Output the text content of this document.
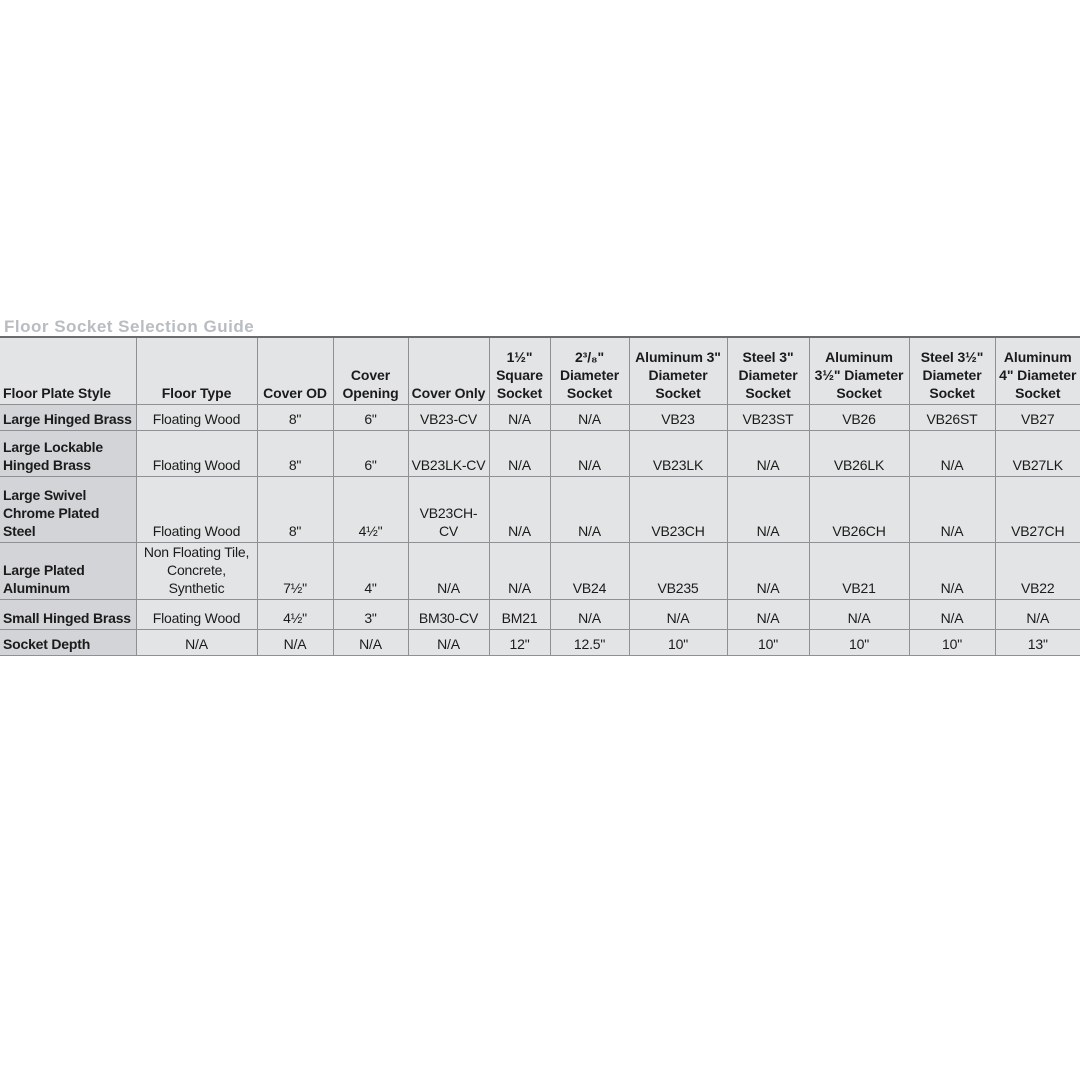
Floor Socket Selection Guide
Floor Plate Style	Floor Type	Cover OD	Cover Opening	Cover Only	1½" Square Socket	2³/₈" Diameter Socket	Aluminum 3" Diameter Socket	Steel 3" Diameter Socket	Aluminum 3½" Diameter Socket	Steel 3½" Diameter Socket	Aluminum 4" Diameter Socket
Large Hinged Brass	Floating Wood	8"	6"	VB23-CV	N/A	N/A	VB23	VB23ST	VB26	VB26ST	VB27
Large Lockable Hinged Brass	Floating Wood	8"	6"	VB23LK-CV	N/A	N/A	VB23LK	N/A	VB26LK	N/A	VB27LK
Large Swivel Chrome Plated Steel	Floating Wood	8"	4½"	VB23CH-CV	N/A	N/A	VB23CH	N/A	VB26CH	N/A	VB27CH
Large Plated Aluminum	Non Floating Tile, Concrete, Synthetic	7½"	4"	N/A	N/A	VB24	VB235	N/A	VB21	N/A	VB22
Small Hinged Brass	Floating Wood	4½"	3"	BM30-CV	BM21	N/A	N/A	N/A	N/A	N/A	N/A
Socket Depth	N/A	N/A	N/A	N/A	12"	12.5"	10"	10"	10"	10"	13"
